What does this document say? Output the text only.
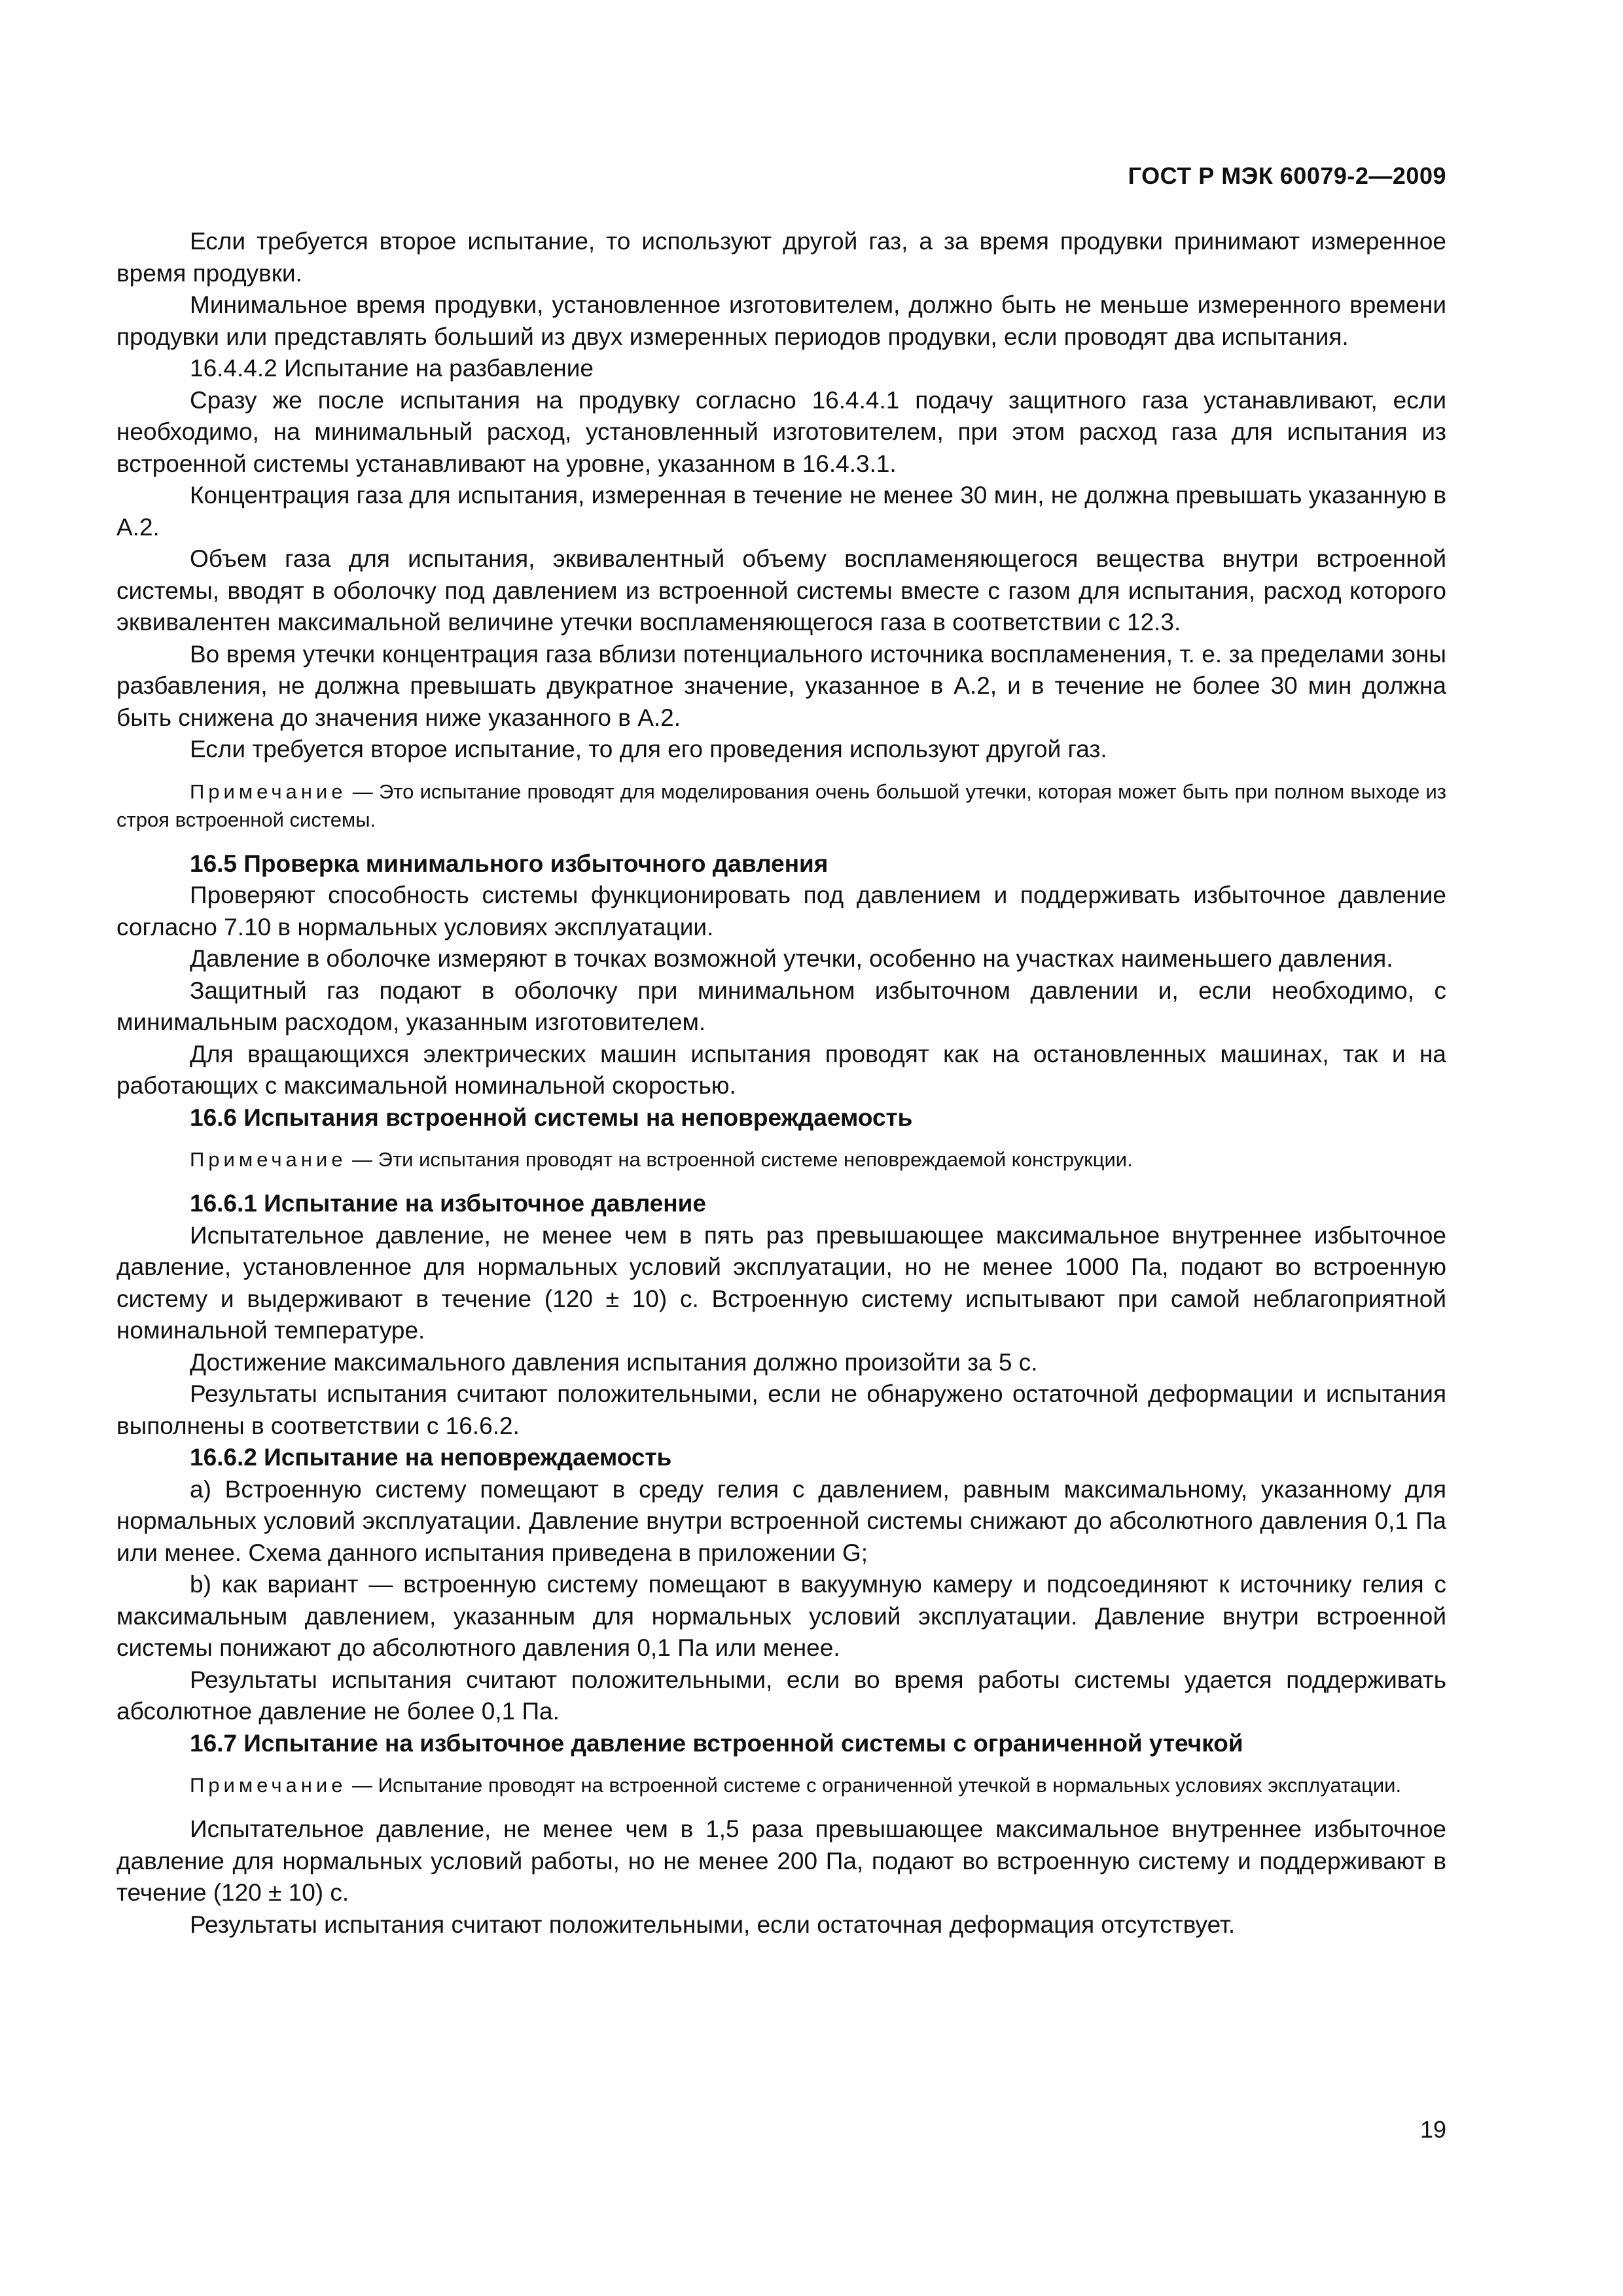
ГОСТ Р МЭК 60079-2—2009

Если требуется второе испытание, то используют другой газ, а за время продувки принимают измеренное время продувки.

Минимальное время продувки, установленное изготовителем, должно быть не меньше измеренного времени продувки или представлять больший из двух измеренных периодов продувки, если проводят два испытания.

16.4.4.2 Испытание на разбавление

Сразу же после испытания на продувку согласно 16.4.4.1 подачу защитного газа устанавливают, если необходимо, на минимальный расход, установленный изготовителем, при этом расход газа для испытания из встроенной системы устанавливают на уровне, указанном в 16.4.3.1.

Концентрация газа для испытания, измеренная в течение не менее 30 мин, не должна превышать указанную в А.2.

Объем газа для испытания, эквивалентный объему воспламеняющегося вещества внутри встроенной системы, вводят в оболочку под давлением из встроенной системы вместе с газом для испытания, расход которого эквивалентен максимальной величине утечки воспламеняющегося газа в соответствии с 12.3.

Во время утечки концентрация газа вблизи потенциального источника воспламенения, т. е. за пределами зоны разбавления, не должна превышать двукратное значение, указанное в А.2, и в течение не более 30 мин должна быть снижена до значения ниже указанного в А.2.

Если требуется второе испытание, то для его проведения используют другой газ.

Примечание — Это испытание проводят для моделирования очень большой утечки, которая может быть при полном выходе из строя встроенной системы.

16.5 Проверка минимального избыточного давления

Проверяют способность системы функционировать под давлением и поддерживать избыточное давление согласно 7.10 в нормальных условиях эксплуатации.

Давление в оболочке измеряют в точках возможной утечки, особенно на участках наименьшего давления.

Защитный газ подают в оболочку при минимальном избыточном давлении и, если необходимо, с минимальным расходом, указанным изготовителем.

Для вращающихся электрических машин испытания проводят как на остановленных машинах, так и на работающих с максимальной номинальной скоростью.

16.6 Испытания встроенной системы на неповреждаемость

Примечание — Эти испытания проводят на встроенной системе неповреждаемой конструкции.

16.6.1 Испытание на избыточное давление

Испытательное давление, не менее чем в пять раз превышающее максимальное внутреннее избыточное давление, установленное для нормальных условий эксплуатации, но не менее 1000 Па, подают во встроенную систему и выдерживают в течение (120 ± 10) с. Встроенную систему испытывают при самой неблагоприятной номинальной температуре.

Достижение максимального давления испытания должно произойти за 5 с.

Результаты испытания считают положительными, если не обнаружено остаточной деформации и испытания выполнены в соответствии с 16.6.2.

16.6.2 Испытание на неповреждаемость

a) Встроенную систему помещают в среду гелия с давлением, равным максимальному, указанному для нормальных условий эксплуатации. Давление внутри встроенной системы снижают до абсолютного давления 0,1 Па или менее. Схема данного испытания приведена в приложении G;

b) как вариант — встроенную систему помещают в вакуумную камеру и подсоединяют к источнику гелия с максимальным давлением, указанным для нормальных условий эксплуатации. Давление внутри встроенной системы понижают до абсолютного давления 0,1 Па или менее.

Результаты испытания считают положительными, если во время работы системы удается поддерживать абсолютное давление не более 0,1 Па.

16.7 Испытание на избыточное давление встроенной системы с ограниченной утечкой

Примечание — Испытание проводят на встроенной системе с ограниченной утечкой в нормальных условиях эксплуатации.

Испытательное давление, не менее чем в 1,5 раза превышающее максимальное внутреннее избыточное давление для нормальных условий работы, но не менее 200 Па, подают во встроенную систему и поддерживают в течение (120 ± 10) с.

Результаты испытания считают положительными, если остаточная деформация отсутствует.

19
